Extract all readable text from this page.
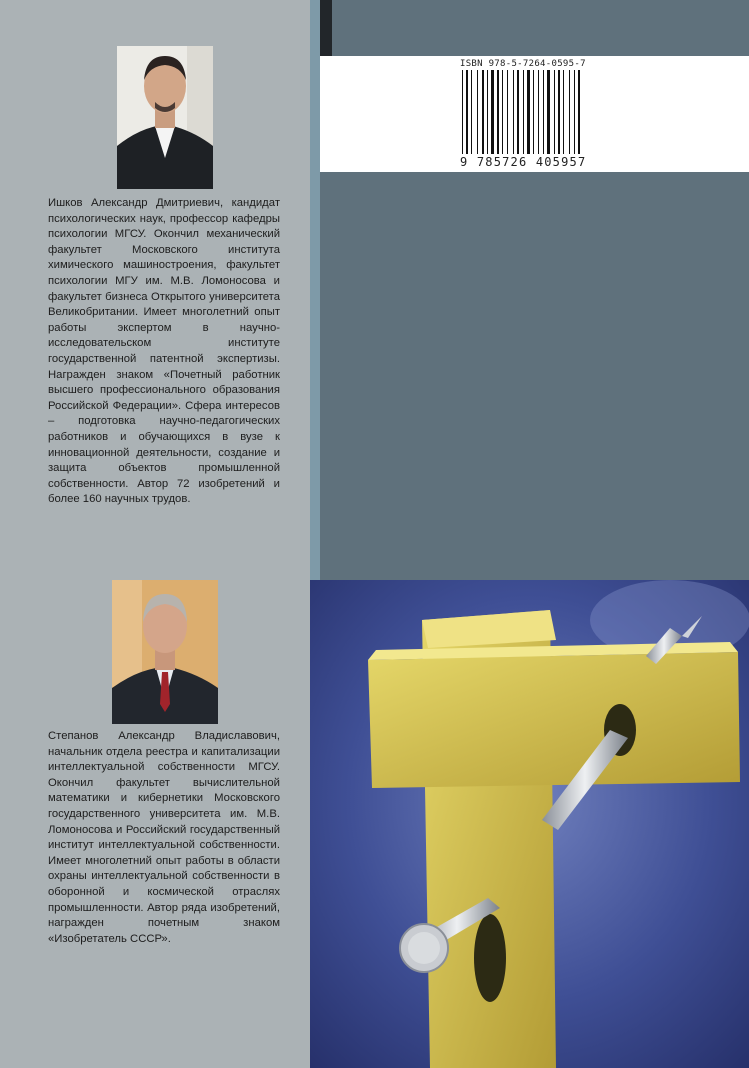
ISBN 978-5-7264-0595-7
9 785726 405957

Ишков Александр Дмитриевич, кандидат психологических наук, профессор кафедры психологии МГСУ. Окончил механический факультет Московского института химического машиностроения, факультет психологии МГУ им. М.В. Ломоносова и факультет бизнеса Открытого университета Великобритании. Имеет многолетний опыт работы экспертом в научно-исследовательском институте государственной патентной экспертизы. Награжден знаком «Почетный работник высшего профессионального образования Российской Федерации». Сфера интересов – подготовка научно-педагогических работников и обучающихся в вузе к инновационной деятельности, создание и защита объектов промышленной собственности. Автор 72 изобретений и более 160 научных трудов.

Степанов Александр Владиславович, начальник отдела реестра и капитализации интеллектуальной собственности МГСУ. Окончил факультет вычислительной математики и кибернетики Московского государственного университета им. М.В. Ломоносова и Российский государственный институт интеллектуальной собственности. Имеет многолетний опыт работы в области охраны интеллектуальной собственности в оборонной и космической отраслях промышленности. Автор ряда изобретений, награжден почетным знаком «Изобретатель СССР».
